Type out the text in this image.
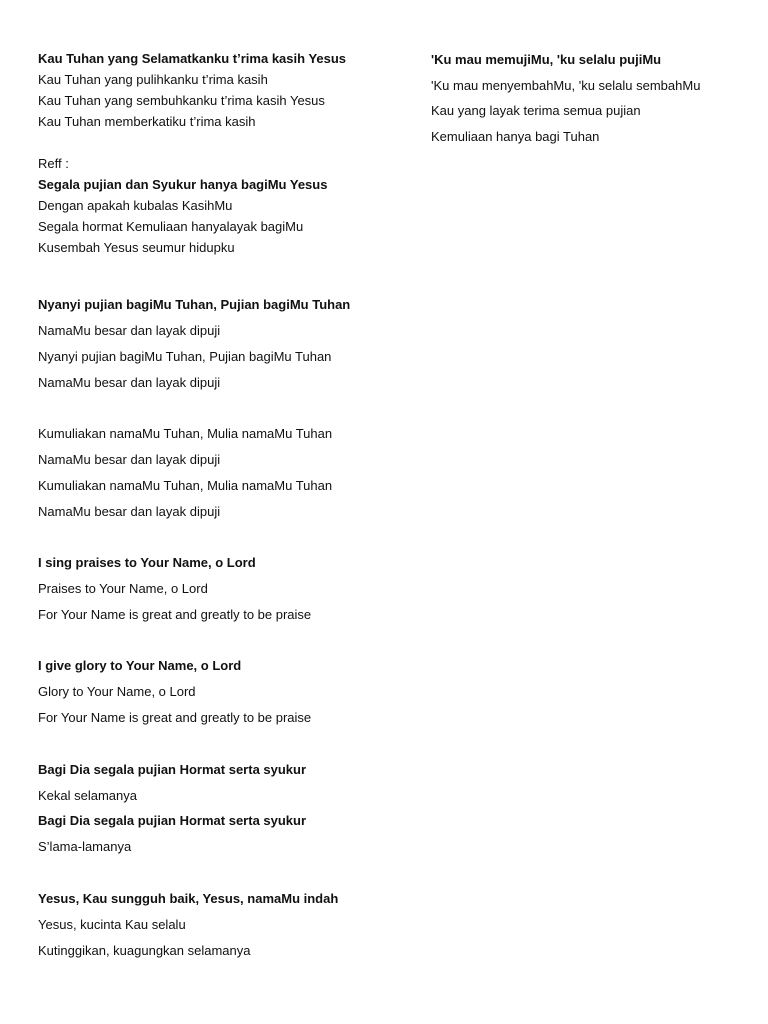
Kau Tuhan yang Selamatkanku t’rima kasih Yesus

Kau Tuhan yang pulihkanku t’rima kasih

Kau Tuhan yang sembuhkanku t’rima kasih Yesus

Kau Tuhan memberkatiku t’rima kasih

Reff :

Segala pujian dan Syukur hanya bagiMu Yesus

Dengan apakah kubalas KasihMu

Segala hormat Kemuliaan hanyalayak bagiMu

Kusembah Yesus seumur hidupku

Nyanyi pujian bagiMu Tuhan, Pujian bagiMu Tuhan

NamaMu besar dan layak dipuji

Nyanyi pujian bagiMu Tuhan, Pujian bagiMu Tuhan

NamaMu besar dan layak dipuji

Kumuliakan namaMu Tuhan, Mulia namaMu Tuhan

NamaMu besar dan layak dipuji

Kumuliakan namaMu Tuhan, Mulia namaMu Tuhan

NamaMu besar dan layak dipuji

I sing praises to Your Name, o Lord

Praises to Your Name, o Lord

For Your Name is great and greatly to be praise

I give glory to Your Name, o Lord

Glory to Your Name, o Lord

For Your Name is great and greatly to be praise

Bagi Dia segala pujian Hormat serta syukur

Kekal selamanya

Bagi Dia segala pujian Hormat serta syukur

S’lama-lamanya

Yesus, Kau sungguh baik, Yesus, namaMu indah

Yesus, kucinta Kau selalu

Kutinggikan, kuagungkan selamanya

'Ku mau memujiMu, 'ku selalu pujiMu

'Ku mau menyembahMu, 'ku selalu sembahMu

Kau yang layak terima semua pujian

Kemuliaan hanya bagi Tuhan
